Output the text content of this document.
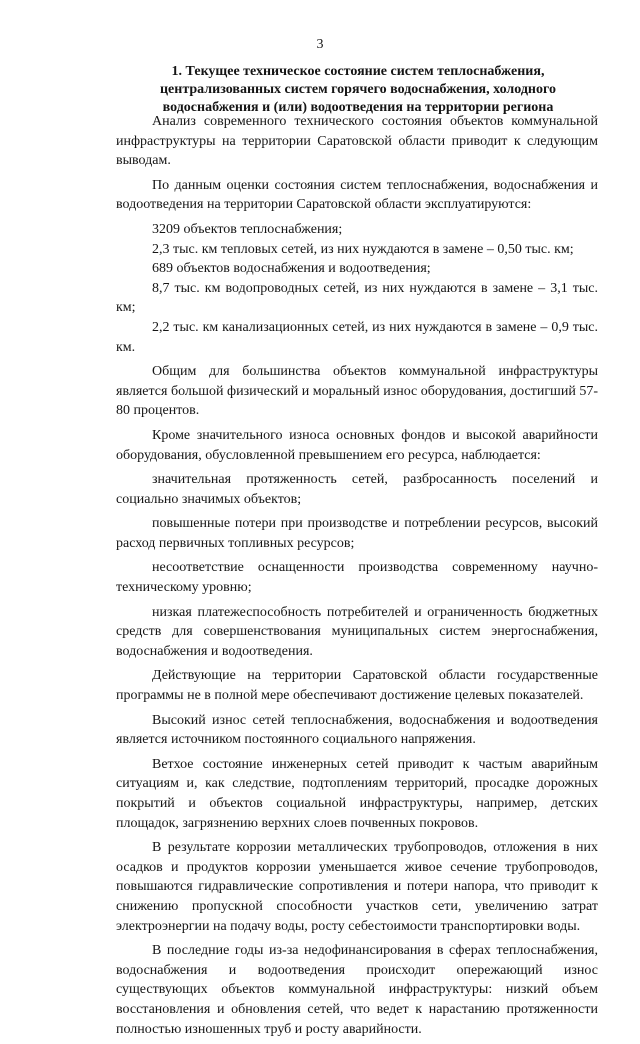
3
1. Текущее техническое состояние систем теплоснабжения, централизованных систем горячего водоснабжения, холодного водоснабжения и (или) водоотведения на территории региона

Анализ современного технического состояния объектов коммунальной инфраструктуры на территории Саратовской области приводит к следующим выводам.

По данным оценки состояния систем теплоснабжения, водоснабжения и водоотведения на территории Саратовской области эксплуатируются:

3209 объектов теплоснабжения;

2,3 тыс. км тепловых сетей, из них нуждаются в замене – 0,50 тыс. км;

689 объектов водоснабжения и водоотведения;

8,7 тыс. км водопроводных сетей, из них нуждаются в замене – 3,1 тыс. км;

2,2 тыс. км канализационных сетей, из них нуждаются в замене – 0,9 тыс. км.

Общим для большинства объектов коммунальной инфраструктуры является большой физический и моральный износ оборудования, достигший 57-80 процентов.

Кроме значительного износа основных фондов и высокой аварийности оборудования, обусловленной превышением его ресурса, наблюдается:

значительная протяженность сетей, разбросанность поселений и социально значимых объектов;

повышенные потери при производстве и потреблении ресурсов, высокий расход первичных топливных ресурсов;

несоответствие оснащенности производства современному научно-техническому уровню;

низкая платежеспособность потребителей и ограниченность бюджетных средств для совершенствования муниципальных систем энергоснабжения, водоснабжения и водоотведения.

Действующие на территории Саратовской области государственные программы не в полной мере обеспечивают достижение целевых показателей.

Высокий износ сетей теплоснабжения, водоснабжения и водоотведения является источником постоянного социального напряжения.

Ветхое состояние инженерных сетей приводит к частым аварийным ситуациям и, как следствие, подтоплениям территорий, просадке дорожных покрытий и объектов социальной инфраструктуры, например, детских площадок, загрязнению верхних слоев почвенных покровов.

В результате коррозии металлических трубопроводов, отложения в них осадков и продуктов коррозии уменьшается живое сечение трубопроводов, повышаются гидравлические сопротивления и потери напора, что приводит к снижению пропускной способности участков сети, увеличению затрат электроэнергии на подачу воды, росту себестоимости транспортировки воды.

В последние годы из-за недофинансирования в сферах теплоснабжения, водоснабжения и водоотведения происходит опережающий износ существующих объектов коммунальной инфраструктуры: низкий объем восстановления и обновления сетей, что ведет к нарастанию протяженности полностью изношенных труб и росту аварийности.
